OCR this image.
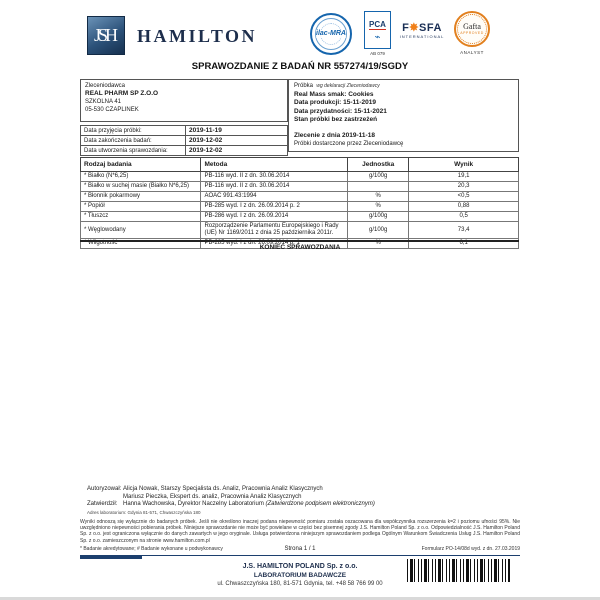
JSH	HAMILTON	ilac-MRA
PCA
⌁
AB 079
F✸SFA
INTERNATIONAL
Gafta
APPROVED
ANALYST
SPRAWOZDANIE Z BADAŃ NR 557274/19/SGDY
Zleceniodawca
REAL PHARM SP Z.O.O
SZKOLNA 41
05-530 CZAPLINEK
Data przyjęcia próbki:	2019-11-19
Data zakończenia badań:	2019-12-02
Data utworzenia sprawozdania:	2019-12-02
Próbka wg deklaracji Zleceniodawcy
Real Mass smak: Cookies
Data produkcji: 15-11-2019
Data przydatności: 15-11-2021
Stan próbki bez zastrzeżeń
Zlecenie z dnia 2019-11-18
Próbki dostarczone przez Zleceniodawcę
Rodzaj badania	Metoda	Jednostka	Wynik
* Białko (N*6,25)	PB-116 wyd. II z dn. 30.06.2014	g/100g	19,1
* Białko w suchej masie (Białko N*6,25)	PB-116 wyd. II z dn. 30.06.2014		20,3
* Błonnik pokarmowy	AOAC 991.43:1994	%	<0,5
* Popiół	PB-285 wyd. I z dn. 26.09.2014 p. 2	%	0,88
* Tłuszcz	PB-286 wyd. I z dn. 26.09.2014	g/100g	0,5
* Węglowodany	Rozporządzenie Parlamentu Europejskiego i Rady (UE) Nr 1169/2011 z dnia 25 października 2011r.	g/100g	73,4
* Wilgotność	PB-285 wyd. I z dn. 26.09.2014 p. 1	%	6,1
KONIEC SPRAWOZDANIA
Autoryzował: Alicja Nowak, Starszy Specjalista ds. Analiz, Pracownia Analiz Klasycznych
Mariusz Pieczka, Ekspert ds. analiz, Pracownia Analiz Klasycznych
Zatwierdził: Hanna Wachowska, Dyrektor Naczelny Laboratorium (Zatwierdzone podpisem elektronicznym)
Adres laboratorium: Gdynia 81-571, Chwaszczyńska 180
Wyniki odnoszą się wyłącznie do badanych próbek. Jeśli nie określono inaczej podana niepewność pomiaru została oszacowana dla współczynnika rozszerzenia k=2 i poziomu ufności 95%. Nie uwzględniono niepewności pobierania próbek. Niniejsze sprawozdanie nie może być powielane w części bez pisemnej zgody J.S. Hamilton Poland Sp. z o.o. Odpowiedzialność J.S. Hamilton Poland Sp. z o.o. jest ograniczona wyłącznie do danych zawartych w jego oryginale. Usługa potwierdzona niniejszym sprawozdaniem podlega Ogólnym Warunkom Świadczenia Usług J.S. Hamilton Poland Sp. z o.o. zamieszczonym na stronie www.hamilton.com.pl
* Badanie akredytowane; # Badanie wykonane u podwykonawcy	Strona 1 / 1	Formularz PO-14/08d wyd. z dn. 27.03.2019
J.S. HAMILTON POLAND Sp. z o.o.
LABORATORIUM BADAWCZE
ul. Chwaszczyńska 180, 81-571 Gdynia, tel. +48 58 766 99 00
